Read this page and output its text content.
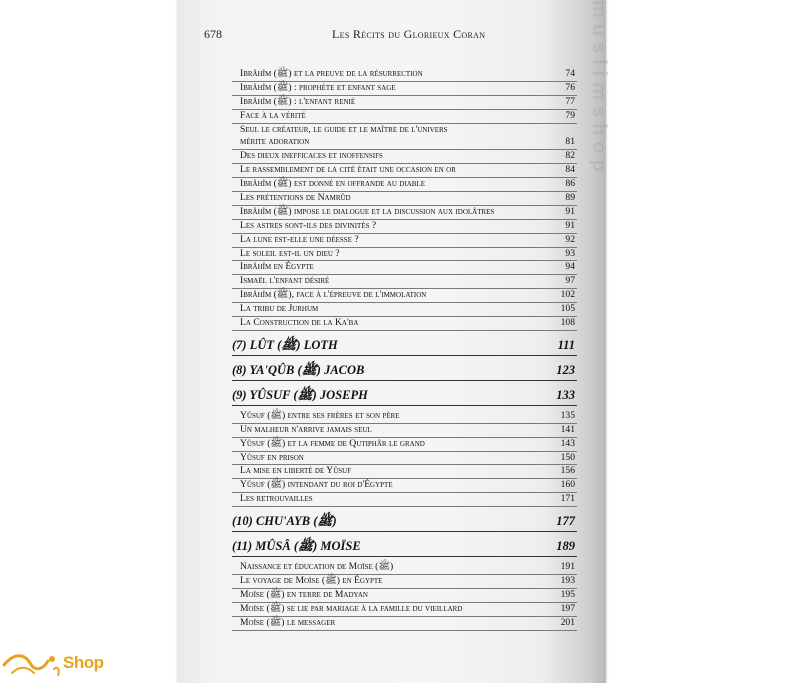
678	Les Récits du Glorieux Coran
Ibrâhîm (ﷺ) et la preuve de la résurrection	74
Ibrâhîm (ﷺ) : prophète et enfant sage	76
Ibrâhîm (ﷺ) : l'enfant renié	77
Face à la vérité	79
Seul le créateur, le guide et le maître de l'univers
mérite adoration	81
Des dieux inefficaces et inoffensifs	82
Le rassemblement de la cité était une occasion en or	84
Ibrâhîm (ﷺ) est donné en offrande au diable	86
Les prétentions de Namrûd	89
Ibrâhîm (ﷺ) impose le dialogue et la discussion aux idolâtres	91
Les astres sont-ils des divinités ?	91
La lune est-elle une déesse ?	92
Le soleil est-il un dieu ?	93
Ibrâhîm en Égypte	94
Ismaël l'enfant désiré	97
Ibrâhîm (ﷺ), face à l'épreuve de l'immolation	102
La tribu de Jurhum	105
La Construction de la Ka'ba	108
(7) LÛT (ﷺ) LOTH	111
(8) YA'QÛB (ﷺ) JACOB	123
(9) YÛSUF (ﷺ) JOSEPH	133
Yûsuf (ﷺ) entre ses frères et son père	135
Un malheur n'arrive jamais seul	141
Yûsuf (ﷺ) et la femme de Qutiphâr le grand	143
Yûsuf en prison	150
La mise en liberté de Yûsuf	156
Yûsuf (ﷺ) intendant du roi d'Égypte	160
Les retrouvailles	171
(10) CHU'AYB (ﷺ)	177
(11) MÛSÂ (ﷺ) MOÏSE	189
Naissance et éducation de Moïse (ﷺ)	191
Le voyage de Moïse (ﷺ) en Égypte	193
Moïse (ﷺ) en terre de Madyan	195
Moïse (ﷺ) se lie par mariage à la famille du vieillard	197
Moïse (ﷺ) le messager	201
muslimshop
Shop
